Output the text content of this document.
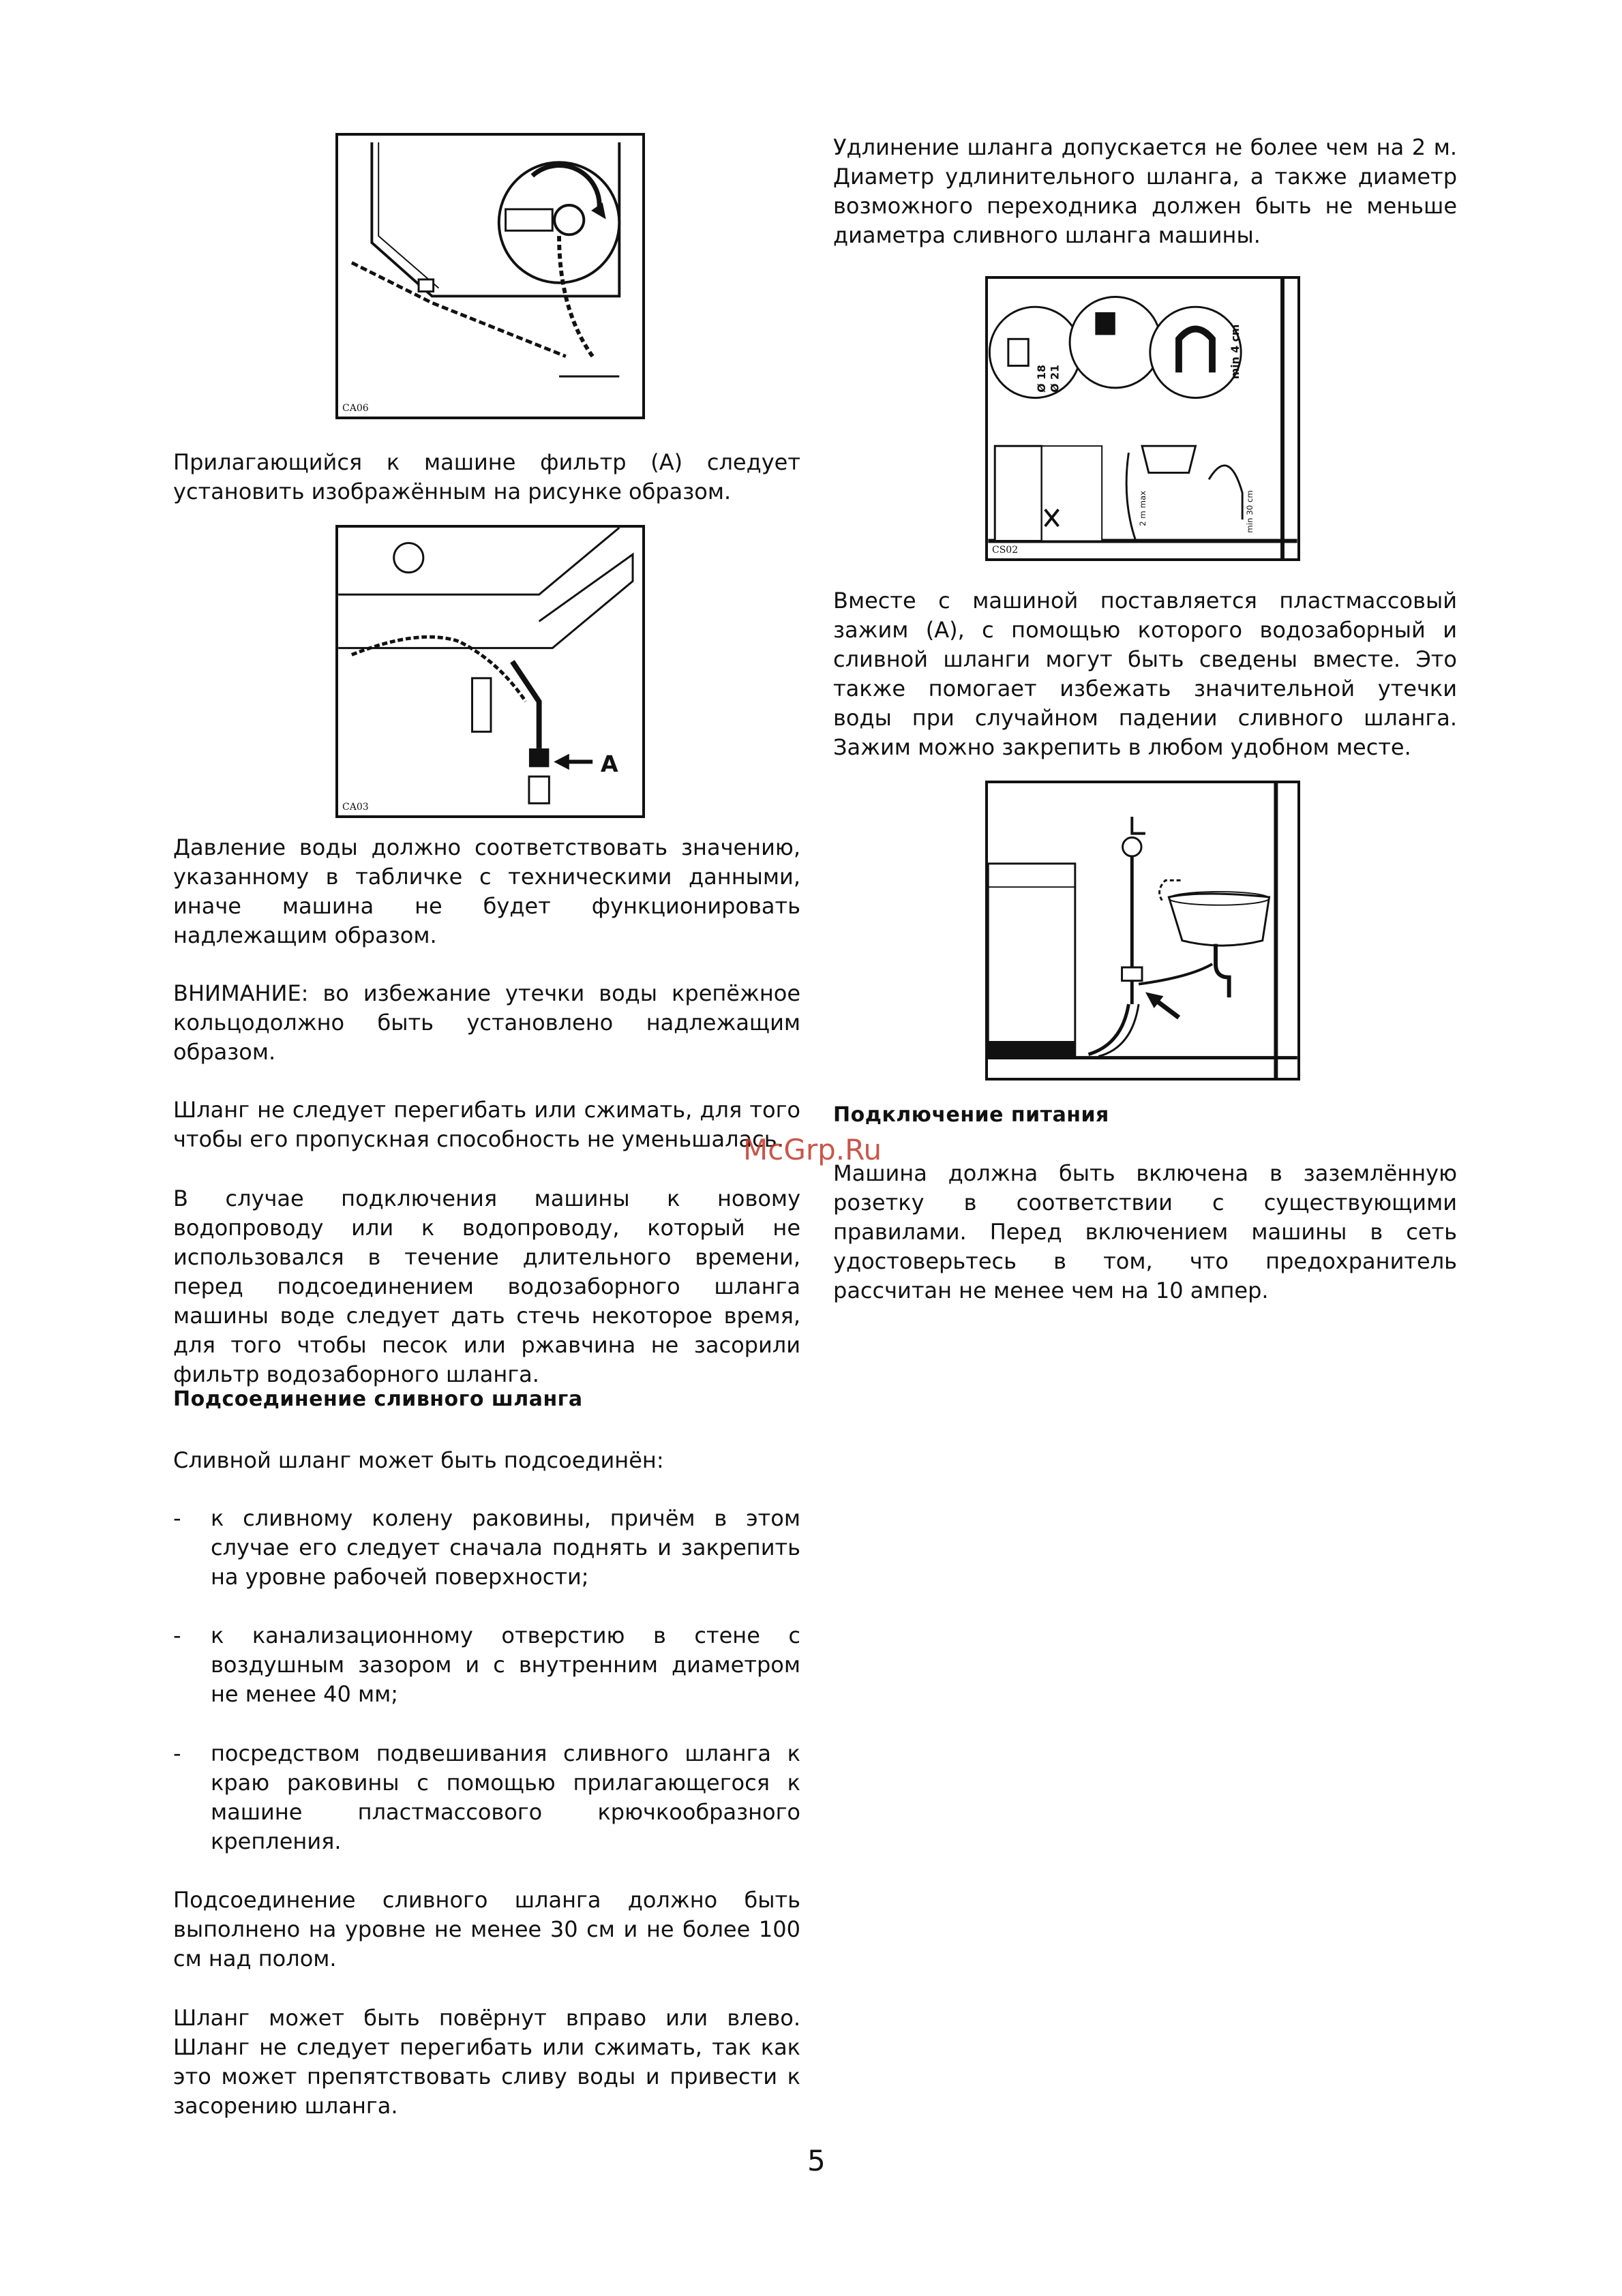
CA06

Прилагающийся к машине фильтр (А) следует установить изображённым на рисунке образом.

A
CA03

Давление воды должно соответствовать значению, указанному в табличке с техническими данными, иначе машина не будет функционировать надлежащим образом.

ВНИМАНИЕ: во избежание утечки воды крепёжное кольцодолжно быть установлено надлежащим образом.

Шланг не следует перегибать или сжимать, для того чтобы его пропускная способность не уменьшалась.

В случае подключения машины к новому водопроводу или к водопроводу, который не использовался в течение длительного времени, перед подсоединением водозаборного шланга машины воде следует дать стечь некоторое время, для того чтобы песок или ржавчина не засорили фильтр водозаборного шланга.

Подсоединение сливного шланга

Сливной шланг может быть подсоединён:

- к сливному колену раковины, причём в этом случае его следует сначала поднять и закрепить на уровне рабочей поверхности;
- к канализационному отверстию в стене с воздушным зазором и с внутренним диаметром не менее 40 мм;
- посредством подвешивания сливного шланга к краю раковины с помощью прилагающегося к машине пластмассового крючкообразного крепления.

Подсоединение сливного шланга должно быть выполнено на уровне не менее 30 см и не более 100 см над полом.

Шланг может быть повёрнут вправо или влево. Шланг не следует перегибать или сжимать, так как это может препятствовать сливу воды и привести к засорению шланга.

Удлинение шланга допускается не более чем на 2 м. Диаметр удлинительного шланга, а также диаметр возможного переходника должен быть не меньше диаметра сливного шланга машины.

Ø 18 Ø 21	min 4 cm
2 m max	min 30 cm
CS02

Вместе с машиной поставляется пластмассовый зажим (А), с помощью которого водозаборный и сливной шланги могут быть сведены вместе. Это также помогает избежать значительной утечки воды при случайном падении сливного шланга. Зажим можно закрепить в любом удобном месте.

Подключение питания

Машина должна быть включена в заземлённую розетку в соответствии с существующими правилами. Перед включением машины в сеть удостоверьтесь в том, что предохранитель рассчитан не менее чем на 10 ампер.

McGrp.Ru
5
